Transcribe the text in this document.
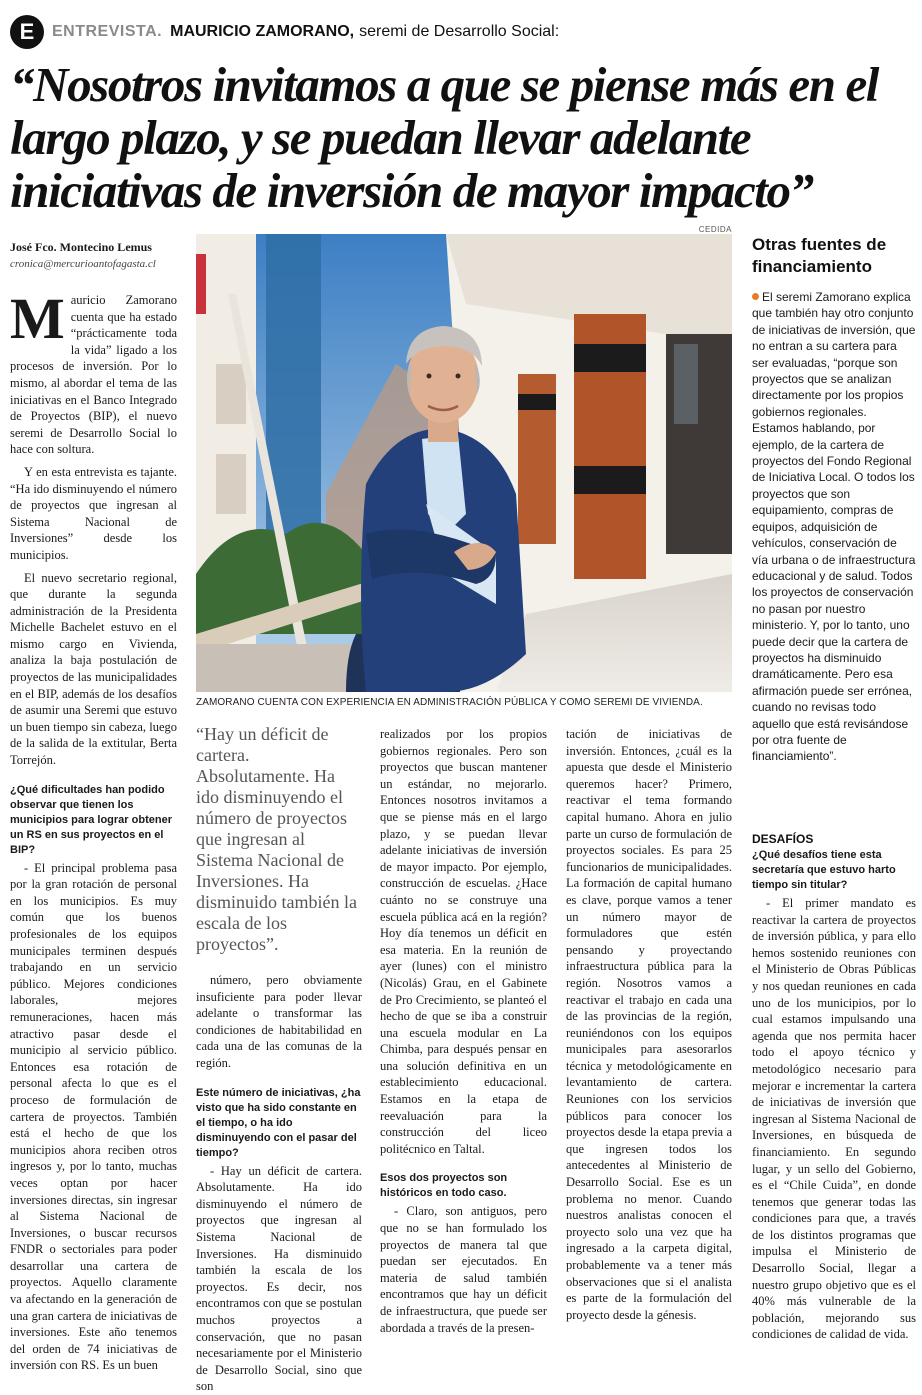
E	ENTREVISTA. MAURICIO ZAMORANO, seremi de Desarrollo Social:
“Nosotros invitamos a que se piense más en el
largo plazo, y se puedan llevar adelante
iniciativas de inversión de mayor impacto”
José Fco. Montecino Lemus
cronica@mercurioantofagasta.cl
CEDIDA
ZAMORANO CUENTA CON EXPERIENCIA EN ADMINISTRACIÓN PÚBLICA Y COMO SEREMI DE VIVIENDA.

Mauricio Zamorano cuenta que ha estado “prácticamente toda la vida” ligado a los procesos de inversión. Por lo mismo, al abordar el tema de las iniciativas en el Banco Integrado de Proyectos (BIP), el nuevo seremi de Desarrollo Social lo hace con soltura.

Y en esta entrevista es tajante. “Ha ido disminuyendo el número de proyectos que ingresan al Sistema Nacional de Inversiones” desde los municipios.

El nuevo secretario regional, que durante la segunda administración de la Presidenta Michelle Bachelet estuvo en el mismo cargo en Vivienda, analiza la baja postulación de proyectos de las municipalidades en el BIP, además de los desafíos de asumir una Seremi que estuvo un buen tiempo sin cabeza, luego de la salida de la extitular, Berta Torrejón.

¿Qué dificultades han podido observar que tienen los municipios para lograr obtener un RS en sus proyectos en el BIP?

- El principal problema pasa por la gran rotación de personal en los municipios. Es muy común que los buenos profesionales de los equipos municipales terminen después trabajando en un servicio público. Mejores condiciones laborales, mejores remuneraciones, hacen más atractivo pasar desde el municipio al servicio público. Entonces esa rotación de personal afecta lo que es el proceso de formulación de cartera de proyectos. También está el hecho de que los municipios ahora reciben otros ingresos y, por lo tanto, muchas veces optan por hacer inversiones directas, sin ingresar al Sistema Nacional de Inversiones, o buscar recursos FNDR o sectoriales para poder desarrollar una cartera de proyectos. Aquello claramente va afectando en la generación de una gran cartera de iniciativas de inversiones. Este año tenemos del orden de 74 iniciativas de inversión con RS. Es un buen

“Hay un déficit de cartera. Absolutamente. Ha ido disminuyendo el número de proyectos que ingresan al Sistema Nacional de Inversiones. Ha disminuido también la escala de los proyectos”.

número, pero obviamente insuficiente para poder llevar adelante o transformar las condiciones de habitabilidad en cada una de las comunas de la región.

Este número de iniciativas, ¿ha visto que ha sido constante en el tiempo, o ha ido disminuyendo con el pasar del tiempo?

- Hay un déficit de cartera. Absolutamente. Ha ido disminuyendo el número de proyectos que ingresan al Sistema Nacional de Inversiones. Ha disminuido también la escala de los proyectos. Es decir, nos encontramos con que se postulan muchos proyectos a conservación, que no pasan necesariamente por el Ministerio de Desarrollo Social, sino que son

realizados por los propios gobiernos regionales. Pero son proyectos que buscan mantener un estándar, no mejorarlo. Entonces nosotros invitamos a que se piense más en el largo plazo, y se puedan llevar adelante iniciativas de inversión de mayor impacto. Por ejemplo, construcción de escuelas. ¿Hace cuánto no se construye una escuela pública acá en la región? Hoy día tenemos un déficit en esa materia. En la reunión de ayer (lunes) con el ministro (Nicolás) Grau, en el Gabinete de Pro Crecimiento, se planteó el hecho de que se iba a construir una escuela modular en La Chimba, para después pensar en una solución definitiva en un establecimiento educacional. Estamos en la etapa de reevaluación para la construcción del liceo politécnico en Taltal.

Esos dos proyectos son históricos en todo caso.

- Claro, son antiguos, pero que no se han formulado los proyectos de manera tal que puedan ser ejecutados. En materia de salud también encontramos que hay un déficit de infraestructura, que puede ser abordada a través de la presen-

tación de iniciativas de inversión. Entonces, ¿cuál es la apuesta que desde el Ministerio queremos hacer? Primero, reactivar el tema formando capital humano. Ahora en julio parte un curso de formulación de proyectos sociales. Es para 25 funcionarios de municipalidades. La formación de capital humano es clave, porque vamos a tener un número mayor de formuladores que estén pensando y proyectando infraestructura pública para la región. Nosotros vamos a reactivar el trabajo en cada una de las provincias de la región, reuniéndonos con los equipos municipales para asesorarlos técnica y metodológicamente en levantamiento de cartera. Reuniones con los servicios públicos para conocer los proyectos desde la etapa previa a que ingresen todos los antecedentes al Ministerio de Desarrollo Social. Ese es un problema no menor. Cuando nuestros analistas conocen el proyecto solo una vez que ha ingresado a la carpeta digital, probablemente va a tener más observaciones que si el analista es parte de la formulación del proyecto desde la génesis.

Otras fuentes de financiamiento
El seremi Zamorano explica que también hay otro conjunto de iniciativas de inversión, que no entran a su cartera para ser evaluadas, “porque son proyectos que se analizan directamente por los propios gobiernos regionales. Estamos hablando, por ejemplo, de la cartera de proyectos del Fondo Regional de Iniciativa Local. O todos los proyectos que son equipamiento, compras de equipos, adquisición de vehículos, conservación de vía urbana o de infraestructura educacional y de salud. Todos los proyectos de conservación no pasan por nuestro ministerio. Y, por lo tanto, uno puede decir que la cartera de proyectos ha disminuido dramáticamente. Pero esa afirmación puede ser errónea, cuando no revisas todo aquello que está revisándose por otra fuente de financiamiento”.
DESAFÍOS

¿Qué desafíos tiene esta secretaría que estuvo harto tiempo sin titular?

- El primer mandato es reactivar la cartera de proyectos de inversión pública, y para ello hemos sostenido reuniones con el Ministerio de Obras Públicas y nos quedan reuniones en cada uno de los municipios, por lo cual estamos impulsando una agenda que nos permita hacer todo el apoyo técnico y metodológico necesario para mejorar e incrementar la cartera de iniciativas de inversión que ingresan al Sistema Nacional de Inversiones, en búsqueda de financiamiento. En segundo lugar, y un sello del Gobierno, es el “Chile Cuida”, en donde tenemos que generar todas las condiciones para que, a través de los distintos programas que impulsa el Ministerio de Desarrollo Social, llegar a nuestro grupo objetivo que es el 40% más vulnerable de la población, mejorando sus condiciones de calidad de vida.
